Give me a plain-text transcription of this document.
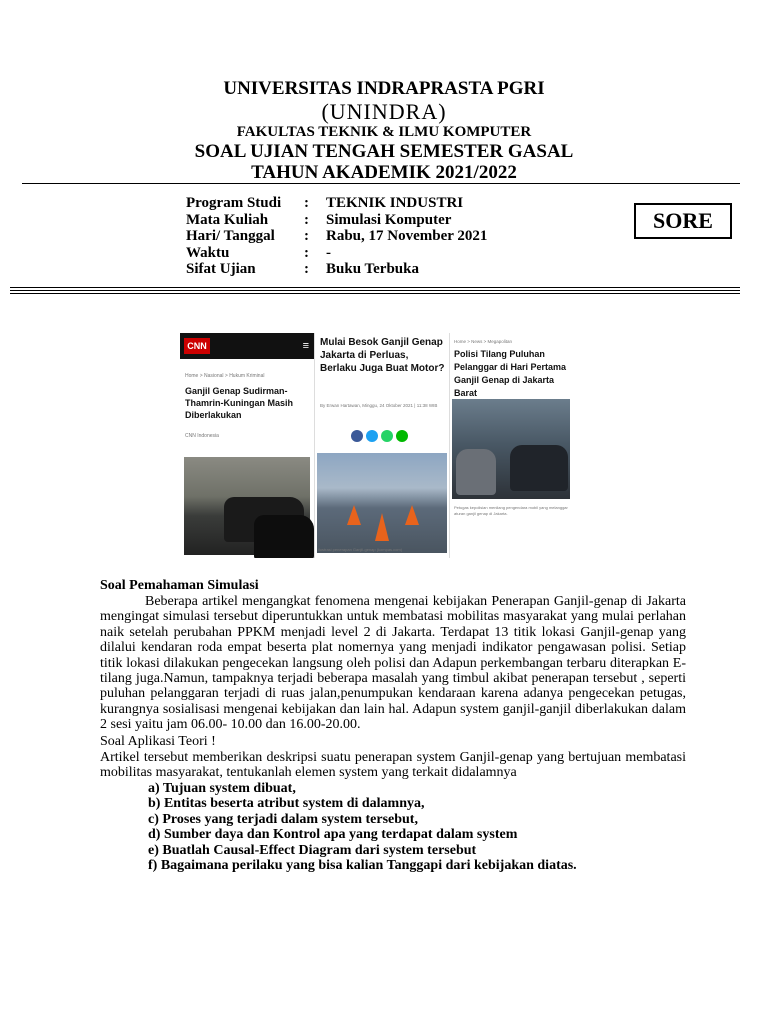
UNIVERSITAS INDRAPRASTA PGRI
(UNINDRA)
FAKULTAS TEKNIK & ILMU KOMPUTER
SOAL UJIAN TENGAH SEMESTER GASAL
TAHUN AKADEMIK 2021/2022
Program Studi : TEKNIK INDUSTRI
Mata Kuliah : Simulasi Komputer
Hari/ Tanggal : Rabu, 17 November 2021
Waktu	: -
Sifat Ujian	: Buku Terbuka
SORE
CNN	≡
Home > Nasional > Hukum Kriminal
Ganjil Genap Sudirman-Thamrin-Kuningan Masih Diberlakukan
CNN Indonesia
Mulai Besok Ganjil Genap Jakarta di Perluas, Berlaku Juga Buat Motor?
By Erwan Hartawan, Minggu, 24 Oktober 2021 | 11:38 WIB
ilustrasi penerapan Ganjil-genap (kompas.com)
Home > News > Megapolitan
Polisi Tilang Puluhan Pelanggar di Hari Pertama Ganjil Genap di Jakarta Barat
Petugas kepolisian menilang pengendara mobil yang melanggar aturan ganjil genap di Jakarta.
Soal Pemahaman Simulasi
Beberapa artikel mengangkat fenomena mengenai kebijakan Penerapan Ganjil-genap di Jakarta mengingat simulasi tersebut diperuntukkan untuk membatasi mobilitas masyarakat yang mulai perlahan naik setelah perubahan PPKM menjadi level 2 di Jakarta. Terdapat 13 titik lokasi Ganjil-genap yang dilalui kendaran roda empat beserta plat nomernya yang menjadi indikator pengawasan polisi. Setiap titik lokasi dilakukan pengecekan langsung oleh polisi dan Adapun perkembangan terbaru diterapkan E-tilang juga.Namun, tampaknya terjadi beberapa masalah yang timbul akibat penerapan tersebut , seperti puluhan pelanggaran terjadi di ruas jalan,penumpukan kendaraan karena adanya pengecekan petugas, kurangnya sosialisasi mengenai kebijakan dan lain hal. Adapun system ganjil-ganjil diberlakukan dalam 2 sesi yaitu jam 06.00- 10.00 dan 16.00-20.00.
Soal Aplikasi Teori !
Artikel tersebut memberikan deskripsi suatu penerapan system Ganjil-genap yang bertujuan membatasi mobilitas masyarakat, tentukanlah elemen system yang terkait didalamnya
a) Tujuan system dibuat,
b) Entitas beserta atribut system di dalamnya,
c) Proses yang terjadi dalam system tersebut,
d) Sumber daya dan Kontrol apa yang terdapat dalam system
e) Buatlah Causal-Effect Diagram dari system tersebut
f) Bagaimana perilaku yang bisa kalian Tanggapi dari kebijakan diatas.
